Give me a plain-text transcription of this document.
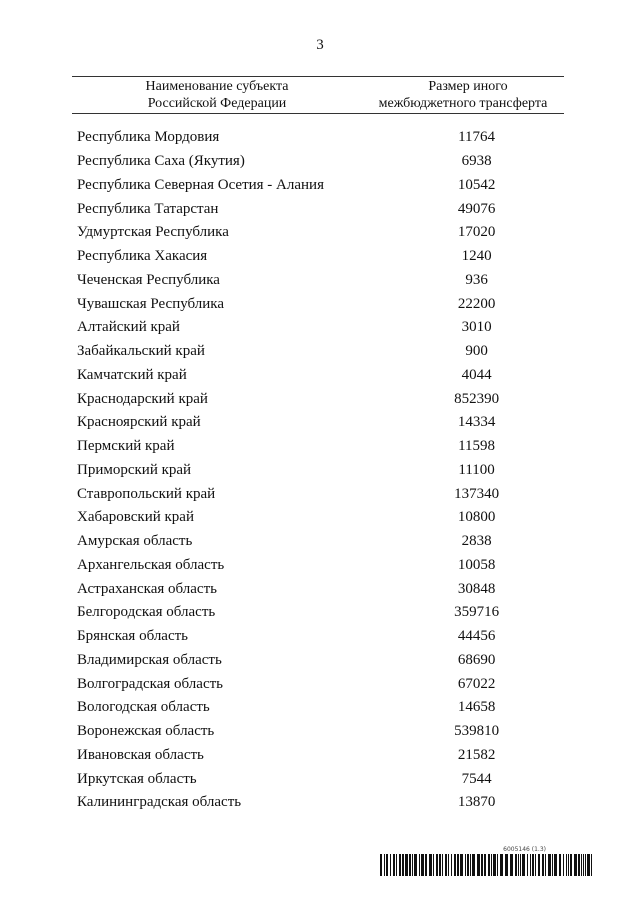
3
Наименование субъекта
Российской Федерации
Размер иного
межбюджетного трансферта
Республика Мордовия	11764
Республика Саха (Якутия)	6938
Республика Северная Осетия - Алания	10542
Республика Татарстан	49076
Удмуртская Республика	17020
Республика Хакасия	1240
Чеченская Республика	936
Чувашская Республика	22200
Алтайский край	3010
Забайкальский край	900
Камчатский край	4044
Краснодарский край	852390
Красноярский край	14334
Пермский край	11598
Приморский край	11100
Ставропольский край	137340
Хабаровский край	10800
Амурская область	2838
Архангельская область	10058
Астраханская область	30848
Белгородская область	359716
Брянская область	44456
Владимирская область	68690
Волгоградская область	67022
Вологодская область	14658
Воронежская область	539810
Ивановская область	21582
Иркутская область	7544
Калининградская область	13870
6005146 (1.3)
